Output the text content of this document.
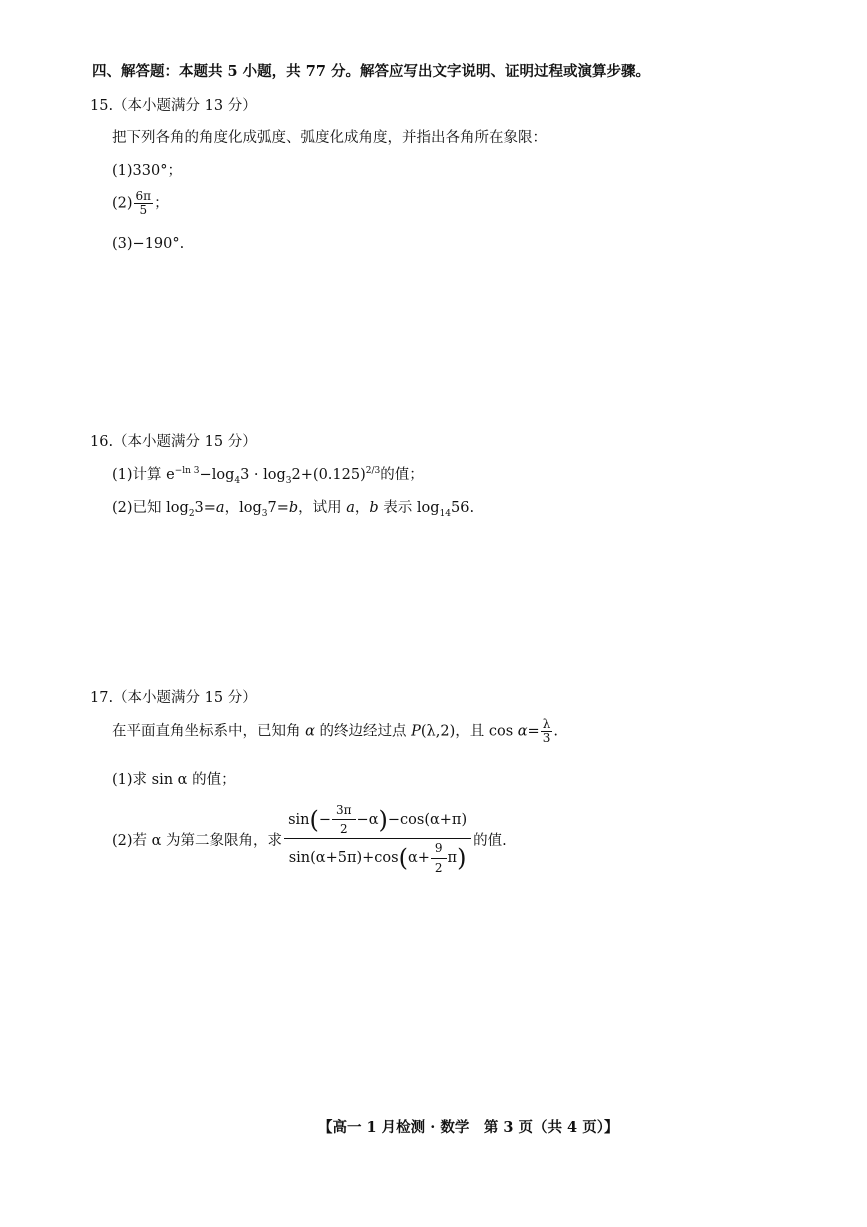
四、解答题：本题共 5 小题，共 77 分。解答应写出文字说明、证明过程或演算步骤。
15.（本小题满分 13 分）
把下列各角的角度化成弧度、弧度化成角度，并指出各角所在象限：
(1)330°；
$(2) \frac{6\pi}{5}$ ；
(3)−190°.
16.（本小题满分 15 分）
(1)计算 $e^{-ln 3}-\log_43 \cdot \log_32+(0.125)^{2/3}$的值；
(2)已知 $\log_23=a$，$\log_37=b$，试用 a，b 表示 $\log_{14}56$.
17.（本小题满分 15 分）
在平面直角坐标系中，已知角 α 的终边经过点 P(λ,2)，且 $\cos \alpha= \frac{\lambda}{3}$ .
(1)求 sin α 的值；
(2)若 α 为第二象限角，求 $\frac{\sin(- \frac{3\pi}{2} -\alpha)-\cos(\alpha+\pi)}{\sin(\alpha+5\pi)+\cos(\alpha+ \frac{9}{2} \pi)}$ 的值.
【高一 1 月检测 · 数学　第 3 页（共 4 页）】
